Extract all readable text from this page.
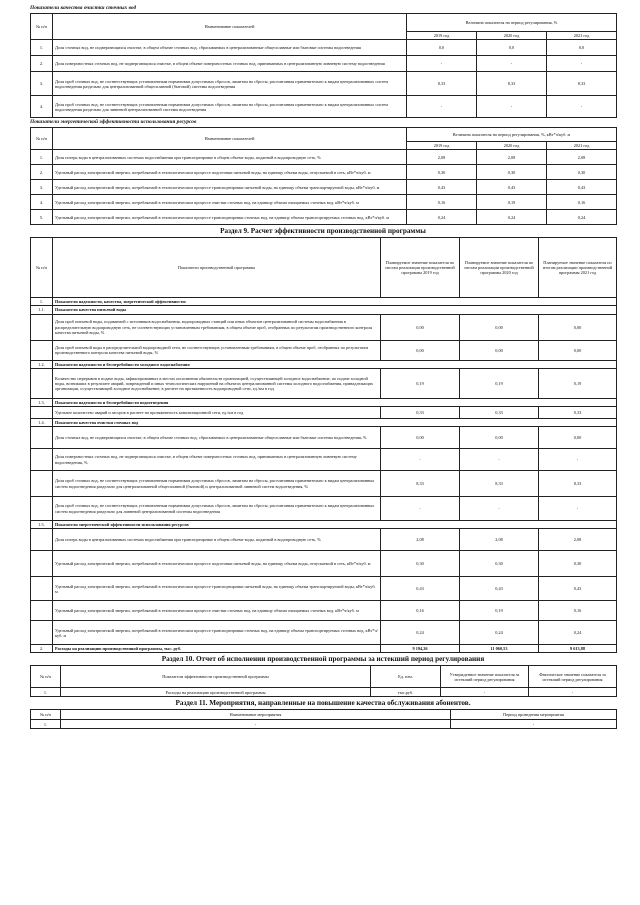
Показатели качества очистки сточных вод
№ п/п	Наименование показателей	Величина показателя на период регулирования, %		
		2019 год	2020 год	2021 год
1.	Доля сточных вод, не подвергающихся очистке, в общем объеме сточных вод, сбрасываемых в централизованные общесплавные или бытовые системы водоотведения	0,0	0,0	0,0
2.	Доля поверхностных сточных вод, не подвергающихся очистке, в общем объеме поверхностных сточных вод, принимаемых в централизованную ливневую систему водоотведения	-	-	-
3.	Доля проб сточных вод, не соответствующих установленным нормативам допустимых сбросов, лимитам на сбросы, рассчитанная применительно к видам централизованных систем водоотведения раздельно для централизованной общесплавной (бытовой) системы водоотведения	8,33	8,33	8,33
4.	Доля проб сточных вод, не соответствующих установленным нормативам допустимых сбросов, лимитам на сбросы, рассчитанная применительно к видам централизованных систем водоотведения раздельно для ливневой централизованной системы водоотведения	-	-	-
Показатели энергетической эффективности использования ресурсов
№ п/п	Наименование показателей	Величина показателя на период регулирования, %, кВт*ч/куб. м		
		2019 год	2020 год	2021 год
1.	Доля потерь воды в централизованных системах водоснабжения при транспортировке в общем объеме воды, поданной в водопроводную сеть, %	2,08	2,08	2,08
2.	Удельный расход электрической энергии, потребляемой в технологическом процессе подготовки питьевой воды, на единицу объема воды, отпускаемой в сеть, кВт*ч/куб. м	0,30	0,30	0,30
3.	Удельный расход электрической энергии, потребляемой в технологическом процессе транспортировки питьевой воды, на единицу объема транспортируемой воды, кВт*ч/куб. м	0,43	0,43	0,43
4.	Удельный расход электрической энергии, потребляемой в технологическом процессе очистки сточных вод, на единицу объема очищаемых сточных вод, кВт*ч/куб. м	0,16	0,19	0,16
5.	Удельный расход электрической энергии, потребляемой в технологическом процессе транспортировки сточных вод, на единицу объема транспортируемых сточных вод, кВт*ч/куб. м	0,24	0,24	0,24
Раздел 9. Расчет эффективности производственной программы
№ п/п	Показатели производственной программы	Планируемое значение показателя по итогам реализации производственной программы 2019 год	Планируемое значение показателя по итогам реализации производственной программы 2020 год	Планируемое значение показателя по итогам реализации производственной программы 2021 год
1.	Показатели надежности, качества, энергетической эффективности:			
1.1.	Показатели качества питьевой воды			
	Доля проб питьевой воды, подаваемой с источников водоснабжения, водопроводных станций или иных объектов централизованной системы водоснабжения в распределительную водопроводную сеть, не соответствующих установленным требованиям, в общем объеме проб, отобранных по результатам производственного контроля качества питьевой воды, %	0,00	0,00	0,00
	Доля проб питьевой воды в распределительной водопроводной сети, не соответствующих установленным требованиям, в общем объеме проб, отобранных по результатам производственного контроля качества питьевой воды, %	0,00	0,00	0,00
1.2.	Показатели надежности и бесперебойности холодного водоснабжения			
	Количество перерывов в подаче воды, зафиксированных в местах исполнения обязательств организацией, осуществляющей холодное водоснабжение, по подаче холодной воды, возникших в результате аварий, повреждений и иных технологических нарушений на объектах централизованной системы холодного водоснабжения, принадлежащих организации, осуществляющей холодное водоснабжение, в расчете на протяженность водопроводной сети, ед./км в год	0,19	0,19	0,19
1.3.	Показатели надежности и бесперебойности водоотведения			
	Удельное количество аварий и засоров в расчете на протяженность канализационной сети, ед./км в год	0,33	0,33	0,33
1.4.	Показатели качества очистки сточных вод			
	Доля сточных вод, не подвергающихся очистке, в общем объеме сточных вод, сбрасываемых в централизованные общесплавные или бытовые системы водоотведения, %	0,00	0,00	0,00
	Доля поверхностных сточных вод, не подвергающихся очистке, в общем объеме поверхностных сточных вод, принимаемых в централизованную ливневую систему водоотведения, %	-	-	-
	Доля проб сточных вод, не соответствующих установленным нормативам допустимых сбросов, лимитам на сбросы, рассчитанная применительно к видам централизованных систем водоотведения раздельно для централизованной общесплавной (бытовой) и централизованной ливневой систем водоотведения, %	8,33	8,33	8,33
	Доля проб сточных вод, не соответствующих установленным нормативам допустимых сбросов, лимитам на сбросы, рассчитанная применительно к видам централизованных систем водоотведения раздельно для ливневой централизованной системы водоотведения	-	-	-
1.5.	Показатели энергетической эффективности использования ресурсов			
	Доля потерь воды в централизованных системах водоснабжения при транспортировке в общем объеме воды, поданной в водопроводную сеть, %	2,08	2,08	2,08
	Удельный расход электрической энергии, потребляемой в технологическом процессе подготовки питьевой воды, на единицу объема воды, отпускаемой в сеть, кВт*ч/куб. м	0,30	0,30	0,30
	Удельный расход электрической энергии, потребляемой в технологическом процессе транспортировки питьевой воды, на единицу объема транспортируемой воды, кВт*ч/куб. м	0,43	0,43	0,43
	Удельный расход электрической энергии, потребляемой в технологическом процессе очистки сточных вод, на единицу объема очищаемых сточных вод, кВт*ч/куб. м	0,16	0,19	0,16
	Удельный расход электрической энергии, потребляемой в технологическом процессе транспортировки сточных вод, на единицу объема транспортируемых сточных вод, кВт*ч/куб. м	0,24	0,24	0,24
2.	Расходы на реализацию производственной программы, тыс. руб.	9 194,26	11 060,53	9 613,88
Раздел 10. Отчет об исполнении производственной программы за истекший период регулирования
№ п/п	Показатели эффективности производственной программы	Ед. изм.	Утвержденное значение показателя за истекший период регулирования	Фактическое значение показателя за истекший период регулирования
1.	Расходы на реализацию производственной программы	тыс.руб.	-	-
Раздел 11. Мероприятия, направленные на повышение качества обслуживания абонентов.
№ п/п	Наименование мероприятия	Период проведения мероприятия
1.	-	-
